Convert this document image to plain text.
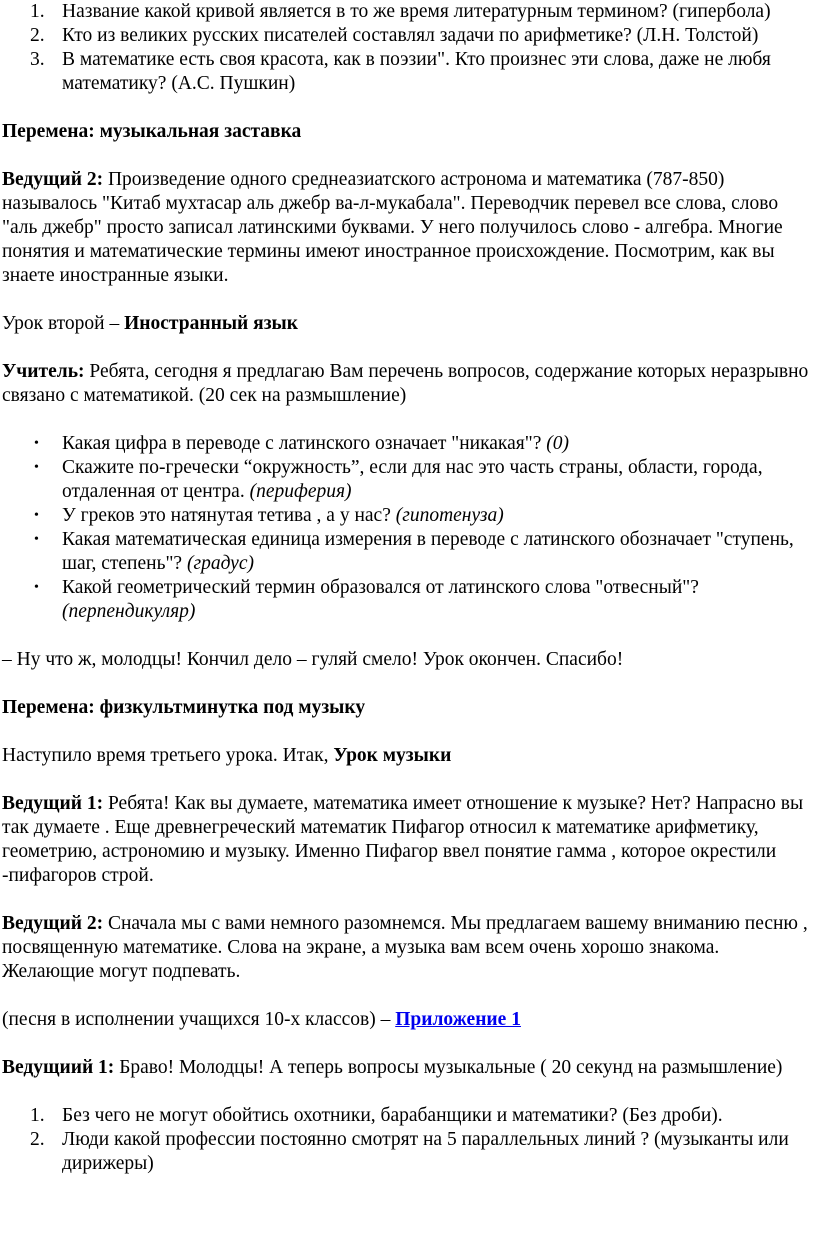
1. Название какой кривой является в то же время литературным термином? (гипербола)
2. Кто из великих русских писателей составлял задачи по арифметике? (Л.Н. Толстой)
3. В математике есть своя красота, как в поэзии". Кто произнес эти слова, даже не любя математику? (А.С. Пушкин)

Перемена: музыкальная заставка

Ведущий 2: Произведение одного среднеазиатского астронома и математика (787-850) называлось "Китаб мухтасар аль джебр ва-л-мукабала". Переводчик перевел все слова, слово "аль джебр" просто записал латинскими буквами. У него получилось слово - алгебра. Многие понятия и математические термины имеют иностранное происхождение. Посмотрим, как вы знаете иностранные языки.

Урок второй – Иностранный язык

Учитель: Ребята, сегодня я предлагаю Вам перечень вопросов, содержание которых неразрывно связано с математикой. (20 сек на размышление)

• Какая цифра в переводе с латинского означает "никакая"? (0)
• Скажите по-гречески “окружность”, если для нас это часть страны, области, города, отдаленная от центра. (периферия)
• У греков это натянутая тетива , а у нас? (гипотенуза)
• Какая математическая единица измерения в переводе с латинского обозначает "ступень, шаг, степень"? (градус)
• Какой геометрический термин образовался от латинского слова "отвесный"? (перпендикуляр)

– Ну что ж, молодцы! Кончил дело – гуляй смело! Урок окончен. Спасибо!

Перемена: физкультминутка под музыку

Наступило время третьего урока. Итак, Урок музыки

Ведущий 1: Ребята! Как вы думаете, математика имеет отношение к музыке? Нет? Напрасно вы так думаете . Еще древнегреческий математик Пифагор относил к математике арифметику, геометрию, астрономию и музыку. Именно Пифагор ввел понятие гамма , которое окрестили -пифагоров строй.

Ведущий 2: Сначала мы с вами немного разомнемся. Мы предлагаем вашему вниманию песню , посвященную математике. Слова на экране, а музыка вам всем очень хорошо знакома. Желающие могут подпевать.

(песня в исполнении учащихся 10-х классов) – Приложение 1

Ведущиий 1: Браво! Молодцы! А теперь вопросы музыкальные ( 20 секунд на размышление)

1. Без чего не могут обойтись охотники, барабанщики и математики? (Без дроби).
2. Люди какой профессии постоянно смотрят на 5 параллельных линий ? (музыканты или дирижеры)
